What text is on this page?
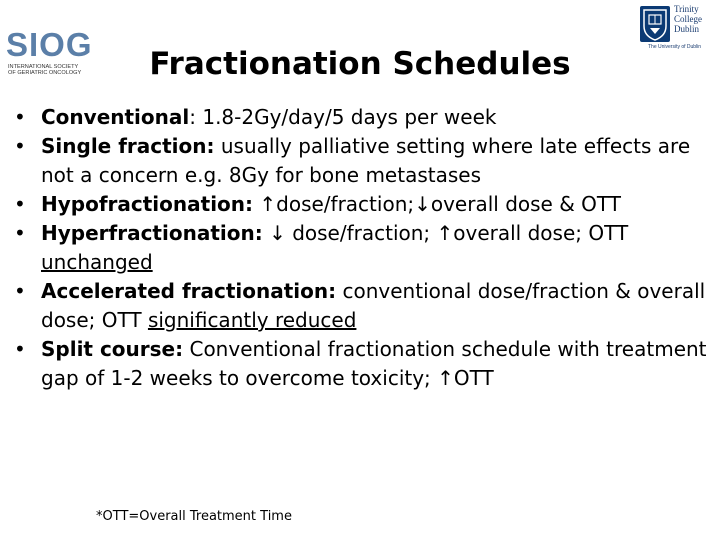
SIOG
INTERNATIONAL SOCIETY
OF GERIATRIC ONCOLOGY
Trinity
College
Dublin
The University of Dublin
Fractionation Schedules
• Conventional: 1.8-2Gy/day/5 days per week
• Single fraction: usually palliative setting where late effects are not a concern e.g. 8Gy for bone metastases
• Hypofractionation: ↑dose/fraction;↓overall dose & OTT
• Hyperfractionation: ↓ dose/fraction; ↑overall dose; OTT unchanged
• Accelerated fractionation: conventional dose/fraction & overall dose; OTT significantly reduced
• Split course: Conventional fractionation schedule with treatment gap of 1-2 weeks to overcome toxicity; ↑OTT
*OTT=Overall Treatment Time
